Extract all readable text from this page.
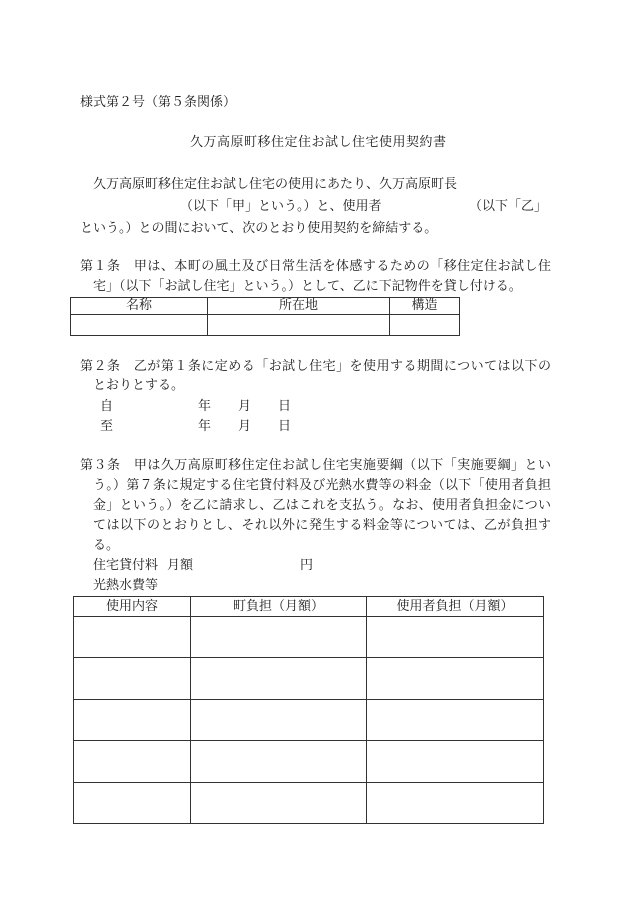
様式第２号（第５条関係）
久万高原町移住定住お試し住宅使用契約書
久万高原町移住定住お試し住宅の使用にあたり、久万高原町長
（以下「甲」という。）と、使用者	（以下「乙」
という。）との間において、次のとおり使用契約を締結する。
第１条　甲は、本町の風土及び日常生活を体感するための「移住定住お試し住
宅」（以下「お試し住宅」という。）として、乙に下記物件を貸し付ける。
名称	所在地	構造

第２条　乙が第１条に定める「お試し住宅」を使用する期間については以下の
とおりとする。
自	年 月 日
至	年 月 日
第３条　甲は久万高原町移住定住お試し住宅実施要綱（以下「実施要綱」とい
う。）第７条に規定する住宅貸付料及び光熱水費等の料金（以下「使用者負担
金」という。）を乙に請求し、乙はこれを支払う。なお、使用者負担金につい
ては以下のとおりとし、それ以外に発生する料金等については、乙が負担す
る。
住宅貸付料 月額	円
光熱水費等
使用内容	町負担（月額）	使用者負担（月額）
